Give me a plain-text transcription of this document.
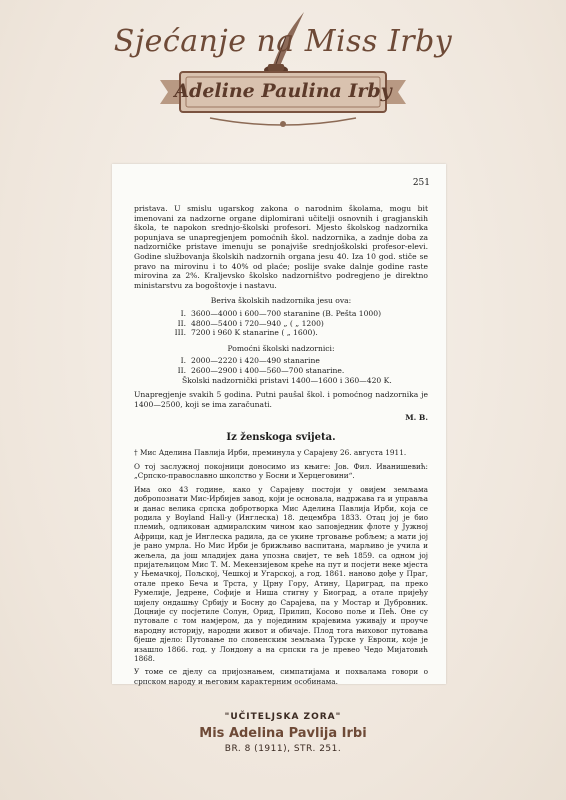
Sjećanje na Miss Irby
Adeline Paulina Irby
251

pristava. U smislu ugarskog zakona o narodnim školama, mogu bit imenovani za nadzorne organe diplomirani učitelji osnovnih i gragjanskih škola, te napokon srednjo-školski profesori. Mjesto školskog nadzornika popunjava se unapregjenjem pomoćnih škol. nadzornika, a zadnje doba za nadzorničke pristave imenuju se ponajviše srednjoškolski profesor-elevi. Godine službovanja školskih nadzornih organa jesu 40. Iza 10 god. stiče se pravo na mirovinu i to 40% od plaće; poslije svake dalnje godine raste mirovina za 2%. Kraljevsko školsko nadzorništvo podregjeno je direktno ministarstvu za bogoštovje i nastavu.

Beriva školskih nadzornika jesu ova:
I. 3600—4000 i 600—700 staranine (B. Pešta 1000)
II. 4800—5400 i 720—940 „ ( „ 1200)
III. 7200 i 960 K stanarine ( „ 1600).
Pomoćni školski nadzornici:
I. 2000—2220 i 420—490 stanarine
II. 2600—2900 i 400—560—700 stanarine.

Školski nadzornički pristavi 1400—1600 i 360—420 K.

Unapregjenje svakih 5 godina. Putni paušal škol. i pomoćnog nadzornika je 1400—2500, koji se ima zaračunati.

M. B.
Iz ženskoga svijeta.

† Мис Аделина Павлија Ирби, преминула у Сарајеву 26. августа 1911.

О тој заслужној покојници доносимо из књиге: Јов. Фил. Иванишевић: „Српско-православно школство у Босни и Херцеговини“.

Има око 43 године, како у Сарајеву постоји у овијем земљама добропознати Мис-Ирбијев завод, који је основала, надржава га и управља и данас велика српска добротворка Мис Аделина Павлија Ирби, која се родила у Boyland Hall-у (Инглеска) 18. децембра 1833. Отац јој је био племић, одликован адмиралским чином као заповједник флоте у Јужној Африци, кад је Инглеска радила, да се укине трговање робљем; а мати јој је рано умрла. Но Мис Ирби је брижљиво васпитана, марљиво је учила и жељела, да још младијех дана упозна свијет, те већ 1859. са одном јој пријатељицом Мис Т. М. Мекензијевом креће на пут и посјети неке мјеста у Њемачкој, Пољској, Чешкој и Угарској, а год. 1861. наново дође у Праг, отале преко Беча и Трста, у Црну Гору, Атину, Цариград, па преко Румелије, Једрене, Софије и Ниша стигну у Биоград, а отале пријеђу цијелу ондашњу Србију и Босну до Сарајева, па у Мостар и Дубровник. Доцније су посјетиле Солун, Орид, Прилип, Косово поље и Пећ. Оне су путовале с том намјером, да у појединим крајевима уживају и проуче народну историју, народни живот и обичаје. Плод тога њиховог путовања бјеше дјело: Путовање по словенским земљама Турске у Европи, које је изашло 1866. год. у Лондону а на српски га је превео Чедо Мијатовић 1868.

У томе се дјелу са пријознањем, симпатијама и похвалама говори о српском народу и његовим карактерним особинама.

"UČITELJSKA ZORA"
Mis Adelina Pavlija Irbi
BR. 8 (1911), STR. 251.
